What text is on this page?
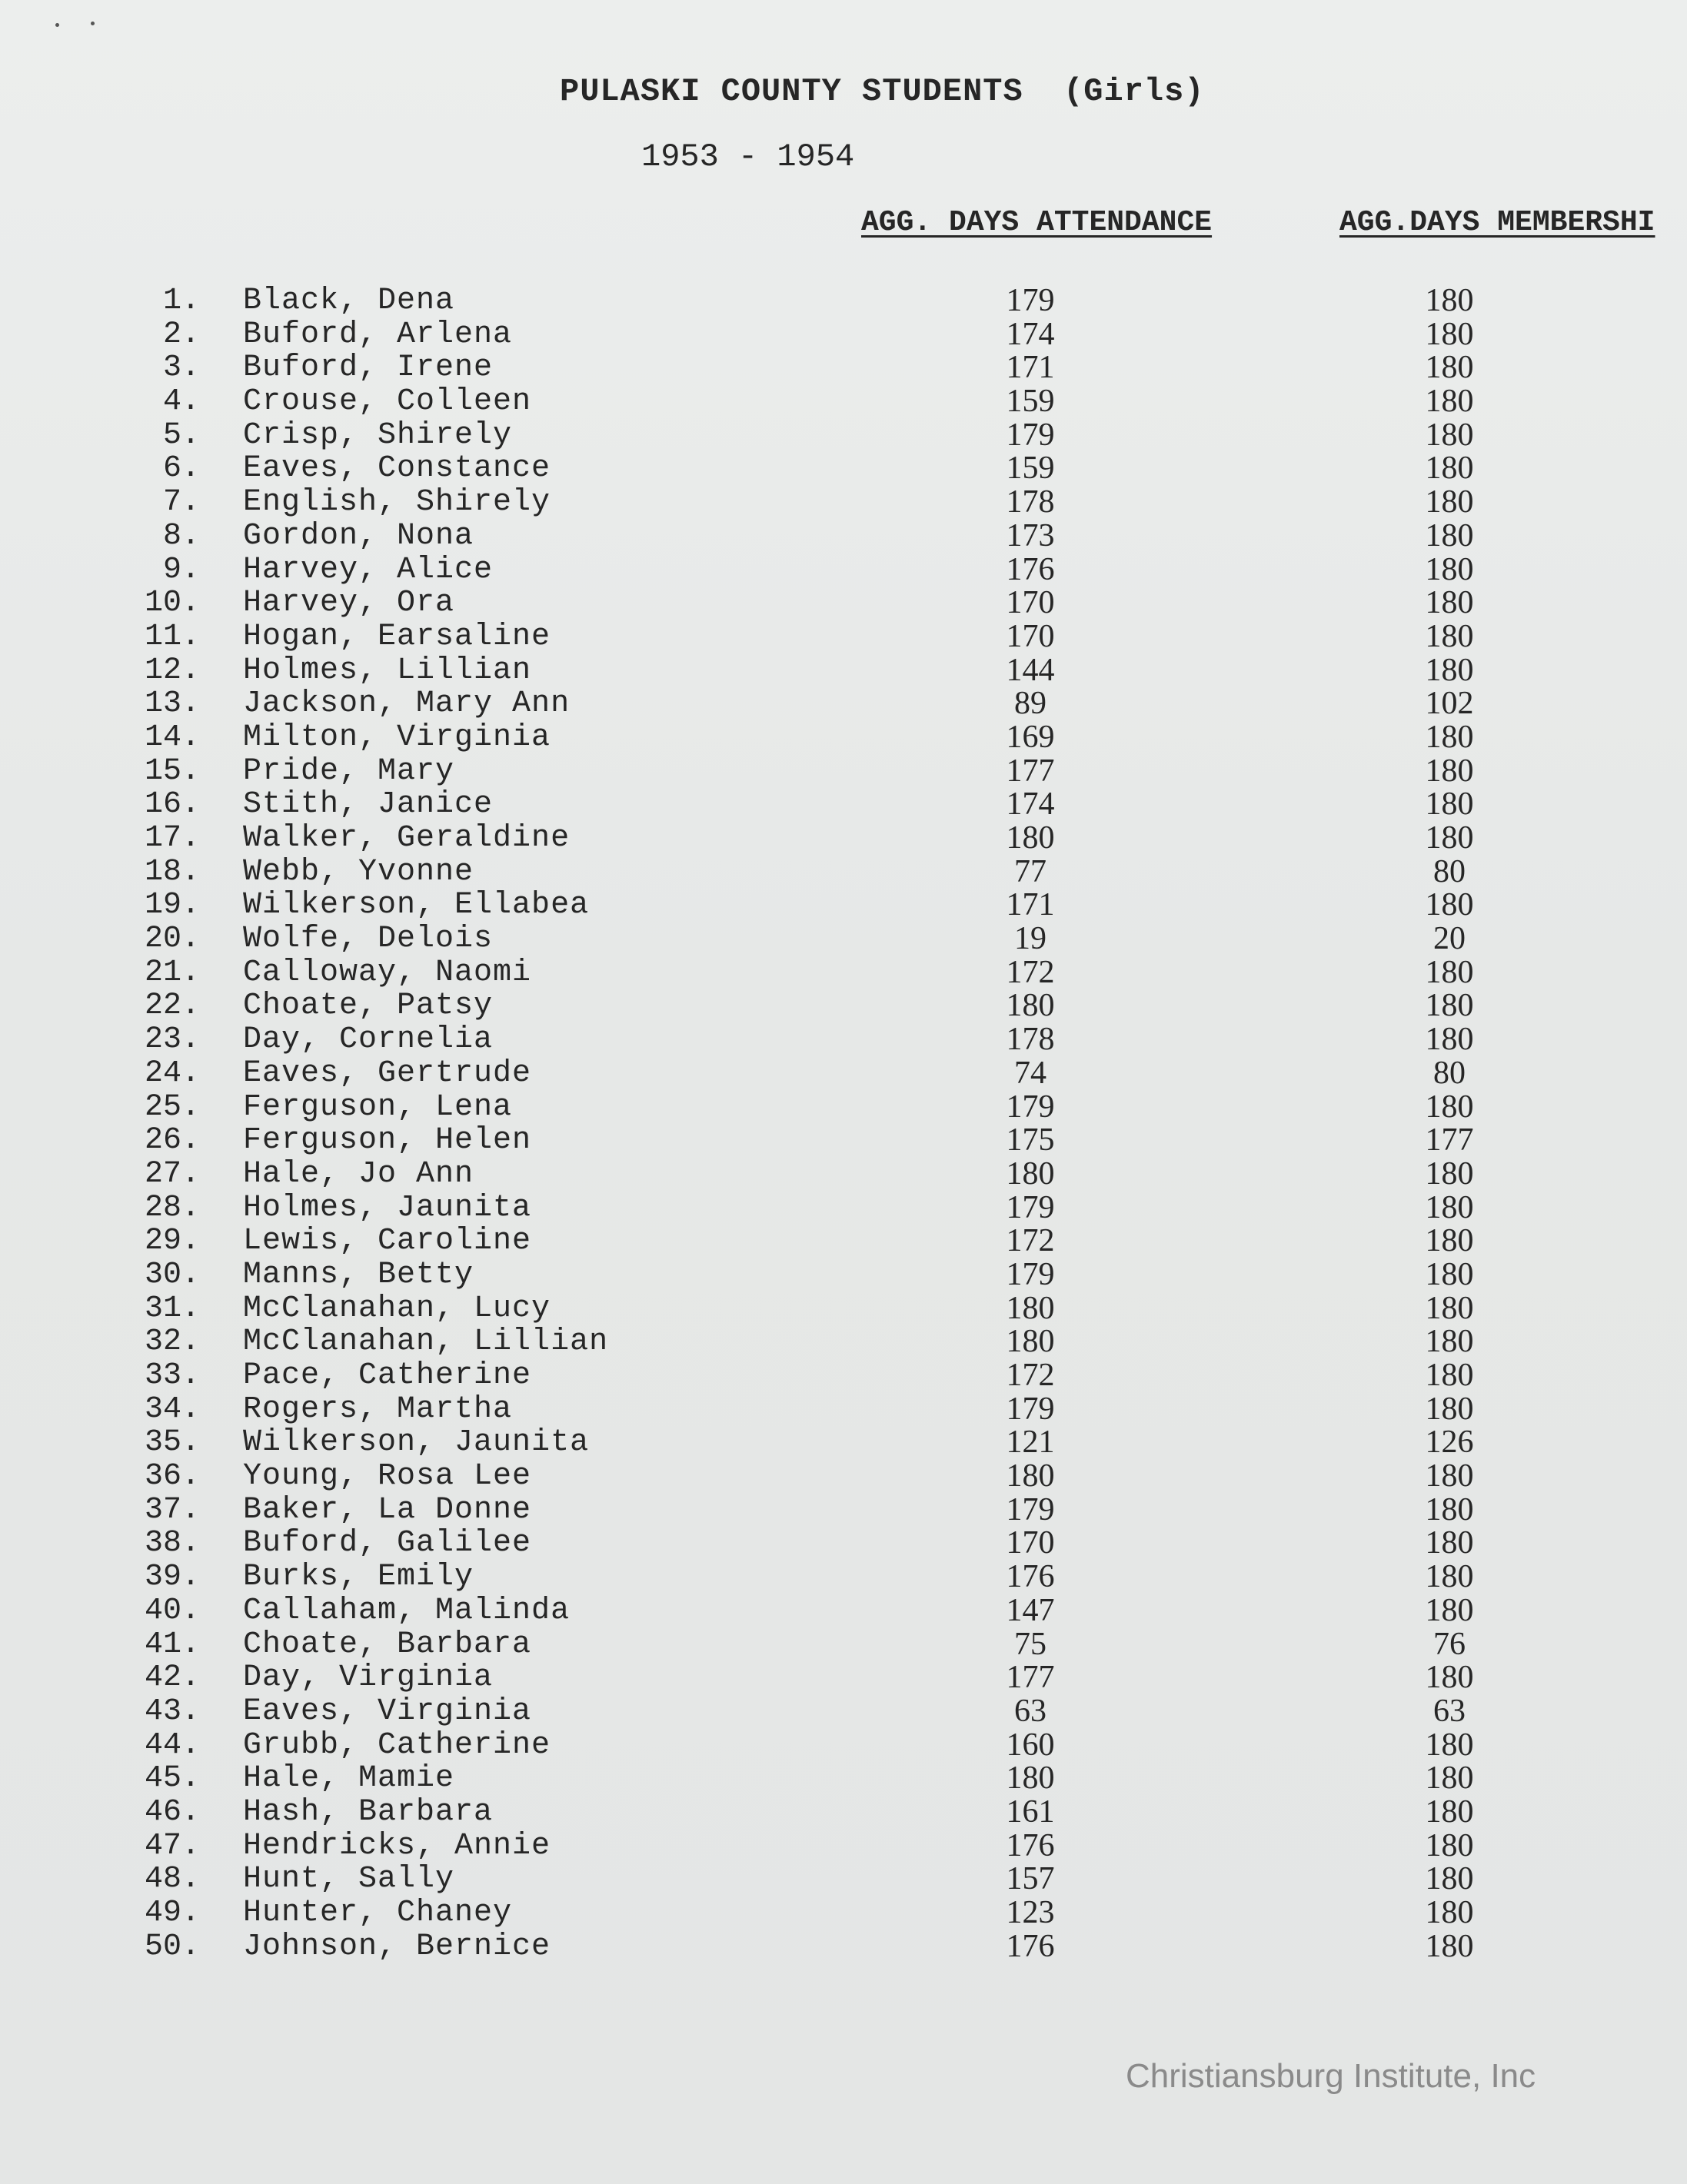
PULASKI COUNTY STUDENTS  (Girls)
1953 - 1954
AGG. DAYS ATTENDANCE	AGG.DAYS MEMBERSHI
1. Black, Dena	179	180
2. Buford, Arlena	174	180
3. Buford, Irene	171	180
4. Crouse, Colleen	159	180
5. Crisp, Shirely	179	180
6. Eaves, Constance	159	180
7. English, Shirely	178	180
8. Gordon, Nona	173	180
9. Harvey, Alice	176	180
10. Harvey, Ora	170	180
11. Hogan, Earsaline	170	180
12. Holmes, Lillian	144	180
13. Jackson, Mary Ann	89	102
14. Milton, Virginia	169	180
15. Pride, Mary	177	180
16. Stith, Janice	174	180
17. Walker, Geraldine	180	180
18. Webb, Yvonne	77	80
19. Wilkerson, Ellabea	171	180
20. Wolfe, Delois	19	20
21. Calloway, Naomi	172	180
22. Choate, Patsy	180	180
23. Day, Cornelia	178	180
24. Eaves, Gertrude	74	80
25. Ferguson, Lena	179	180
26. Ferguson, Helen	175	177
27. Hale, Jo Ann	180	180
28. Holmes, Jaunita	179	180
29. Lewis, Caroline	172	180
30. Manns, Betty	179	180
31. McClanahan, Lucy	180	180
32. McClanahan, Lillian	180	180
33. Pace, Catherine	172	180
34. Rogers, Martha	179	180
35. Wilkerson, Jaunita	121	126
36. Young, Rosa Lee	180	180
37. Baker, La Donne	179	180
38. Buford, Galilee	170	180
39. Burks, Emily	176	180
40. Callaham, Malinda	147	180
41. Choate, Barbara	75	76
42. Day, Virginia	177	180
43. Eaves, Virginia	63	63
44. Grubb, Catherine	160	180
45. Hale, Mamie	180	180
46. Hash, Barbara	161	180
47. Hendricks, Annie	176	180
48. Hunt, Sally	157	180
49. Hunter, Chaney	123	180
50. Johnson, Bernice	176	180
Christiansburg Institute, Inc
